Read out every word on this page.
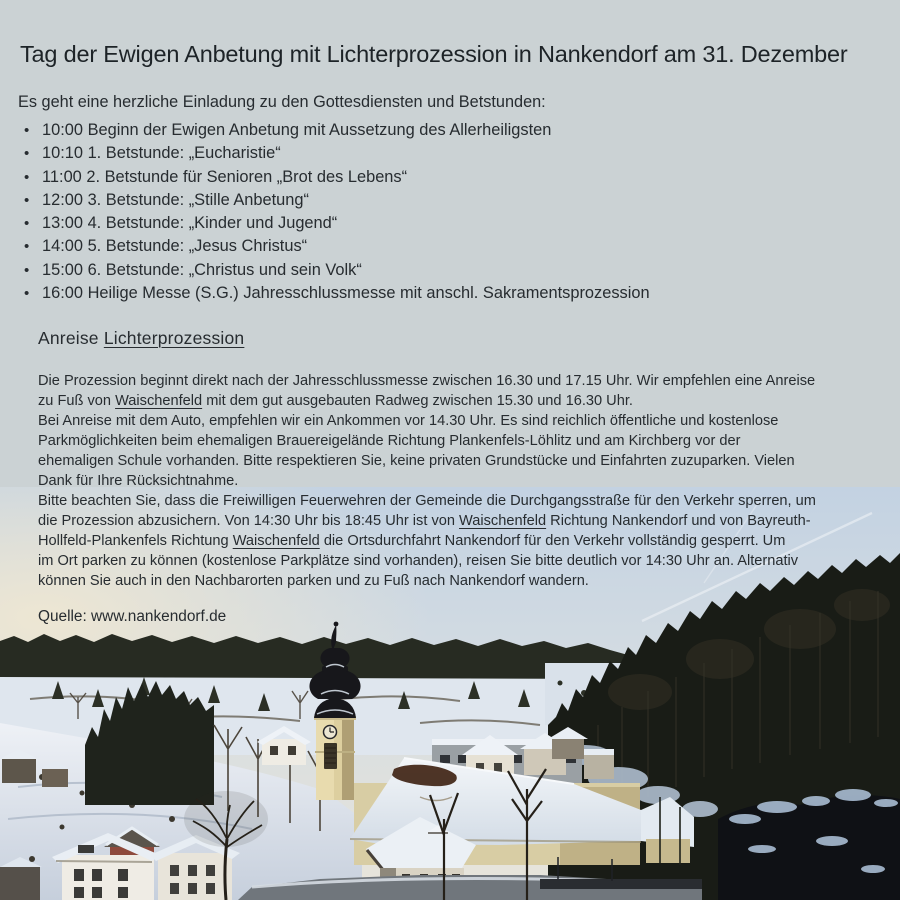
Tag der Ewigen Anbetung mit Lichterprozession in Nankendorf am 31. Dezember
Es geht eine herzliche Einladung zu den Gottesdiensten und Betstunden:
• 10:00 Beginn der Ewigen Anbetung mit Aussetzung des Allerheiligsten
• 10:10 1. Betstunde: „Eucharistie“
• 11:00 2. Betstunde für Senioren „Brot des Lebens“
• 12:00 3. Betstunde: „Stille Anbetung“
• 13:00 4. Betstunde: „Kinder und Jugend“
• 14:00 5. Betstunde: „Jesus Christus“
• 15:00 6. Betstunde: „Christus und sein Volk“
• 16:00 Heilige Messe (S.G.) Jahresschlussmesse mit anschl. Sakramentsprozession
Anreise Lichterprozession
Die Prozession beginnt direkt nach der Jahresschlussmesse zwischen 16.30 und 17.15 Uhr. Wir empfehlen eine Anreise
zu Fuß von Waischenfeld mit dem gut ausgebauten Radweg zwischen 15.30 und 16.30 Uhr.
Bei Anreise mit dem Auto, empfehlen wir ein Ankommen vor 14.30 Uhr. Es sind reichlich öffentliche und kostenlose
Parkmöglichkeiten beim ehemaligen Brauereigelände Richtung Plankenfels-Löhlitz und am Kirchberg vor der
ehemaligen Schule vorhanden. Bitte respektieren Sie, keine privaten Grundstücke und Einfahrten zuzuparken. Vielen
Dank für Ihre Rücksichtnahme.
Bitte beachten Sie, dass die Freiwilligen Feuerwehren der Gemeinde die Durchgangsstraße für den Verkehr sperren, um
die Prozession abzusichern. Von 14:30 Uhr bis 18:45 Uhr ist von Waischenfeld Richtung Nankendorf und von Bayreuth-
Hollfeld-Plankenfels Richtung Waischenfeld die Ortsdurchfahrt Nankendorf für den Verkehr vollständig gesperrt. Um
im Ort parken zu können (kostenlose Parkplätze sind vorhanden), reisen Sie bitte deutlich vor 14:30 Uhr an. Alternativ
können Sie auch in den Nachbarorten parken und zu Fuß nach Nankendorf wandern.
Quelle: www.nankendorf.de
